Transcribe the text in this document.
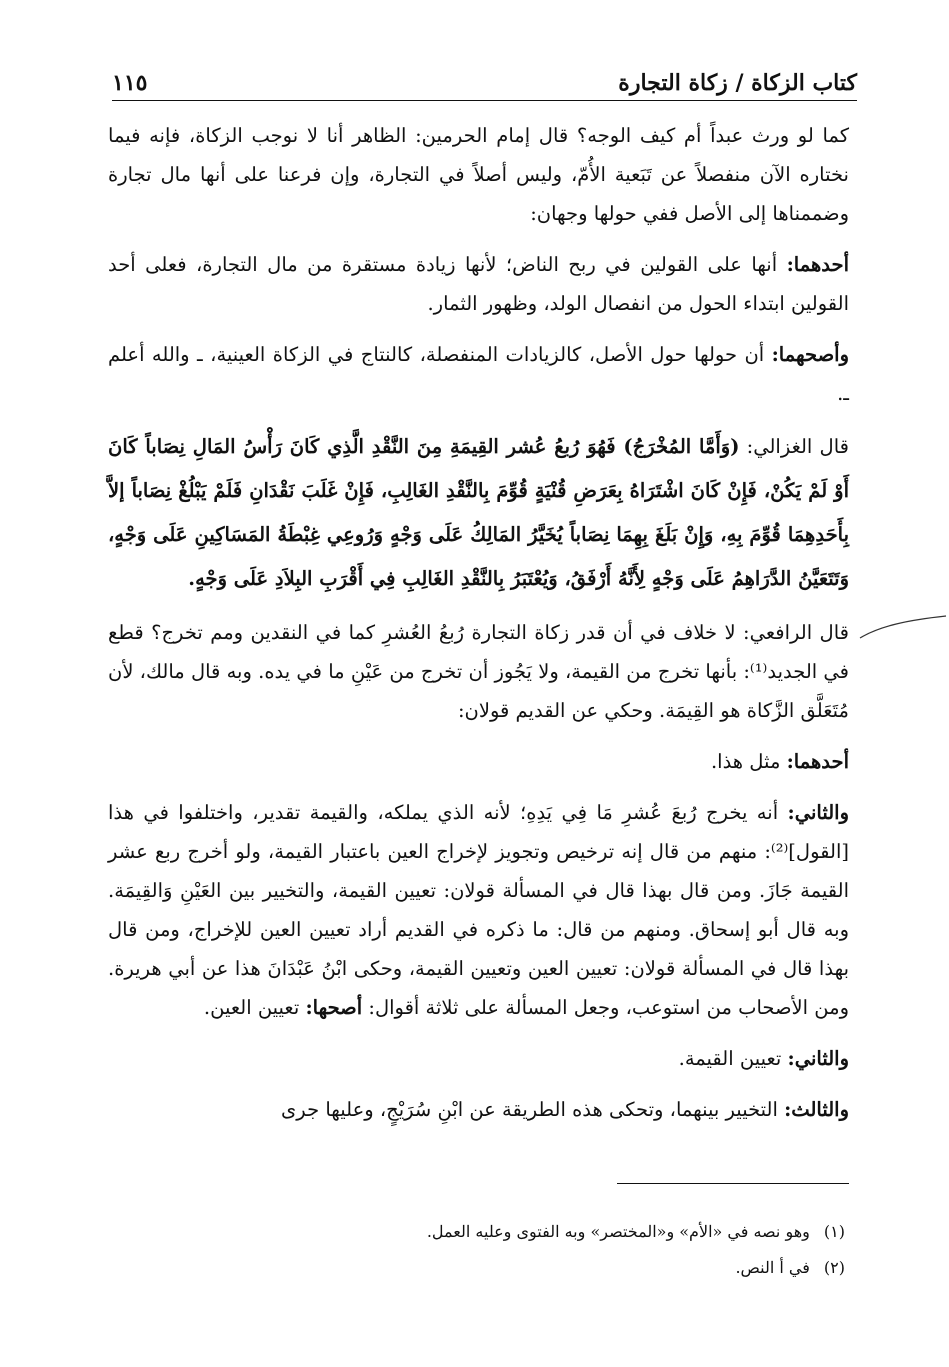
كتاب الزكاة / زكاة التجارة
١١٥

كما لو ورث عبداً أم كيف الوجه؟ قال إمام الحرمين: الظاهر أنا لا نوجب الزكاة، فإنه فيما نختاره الآن منفصلاً عن تَبَعية الأُمّ، وليس أصلاً في التجارة، وإن فرعنا على أنها مال تجارة وضممناها إلى الأصل ففي حولها وجهان:

أحدهما: أنها على القولين في ربح الناض؛ لأنها زيادة مستقرة من مال التجارة، فعلى أحد القولين ابتداء الحول من انفصال الولد، وظهور الثمار.

وأصحهما: أن حولها حول الأصل، كالزيادات المنفصلة، كالنتاج في الزكاة العينية، ـ والله أعلم ـ.

قال الغزالي: (وَأَمَّا المُخْرَجُ) فَهُوَ رُبعُ عُشر القِيمَةِ مِنَ النَّقْدِ الَّذِي كَانَ رَأْسُ المَالِ نِصَاباً كَانَ أَوْ لَمْ يَكُنْ، فَإِنْ كَانَ اشْتَرَاهُ بِعَرَضِ قُنْيَةٍ قُوِّمَ بِالنَّقْدِ الغَالِبِ، فَإِنْ غَلَبَ نَقْدَانِ فَلَمْ يَبْلُغْ نِصَاباً إلاَّ بِأَحَدِهِمَا قُوِّمَ بِهِ، وَإِنْ بَلَغَ بِهِمَا نِصَاباً يُخَيَّرُ المَالِكُ عَلَى وَجْهٍ وَرُوعِي غِبْطَةُ المَسَاكِينِ عَلَى وَجْهٍ، وَتَتَعَيَّنُ الدَّرَاهِمُ عَلَى وَجْهٍ لِأَنَّهُ أَرْفَقُ، وَيُعْتَبَرُ بِالنَّقْدِ الغَالِبِ فِي أَقْرَبِ البِلاَدِ عَلَى وَجْهٍ.

قال الرافعي: لا خلاف في أن قدر زكاة التجارة رُبعُ العُشرِ كما في النقدين ومم تخرج؟ قطع في الجديد⁽¹⁾: بأنها تخرج من القيمة، ولا يَجُوز أن تخرج من عَيْنِ ما في يده. وبه قال مالك، لأن مُتَعَلَّق الزَّكاة هو القِيمَة. وحكي عن القديم قولان:

أحدهما: مثل هذا.

والثاني: أنه يخرج رُبعَ عُشرِ مَا فِي يَدِهِ؛ لأنه الذي يملكه، والقيمة تقدير، واختلفوا في هذا [القول]⁽²⁾: منهم من قال إنه ترخيص وتجويز لإخراج العين باعتبار القيمة، ولو أخرج ربع عشر القيمة جَازَ. ومن قال بهذا قال في المسألة قولان: تعيين القيمة، والتخيير بين العَيْنِ وَالقِيمَة. وبه قال أبو إسحاق. ومنهم من قال: ما ذكره في القديم أراد تعيين العين للإخراج، ومن قال بهذا قال في المسألة قولان: تعيين العين وتعيين القيمة، وحكى ابْنُ عَبْدَانَ هذا عن أبي هريرة. ومن الأصحاب من استوعب، وجعل المسألة على ثلاثة أقوال: أصحها: تعيين العين.

والثاني: تعيين القيمة.

والثالث: التخيير بينهما، وتحكى هذه الطريقة عن ابْنِ سُرَيْجٍ، وعليها جرى

(١)
وهو نصه في «الأم» و«المختصر» وبه الفتوى وعليه العمل.
(٢)
في أ النص.
